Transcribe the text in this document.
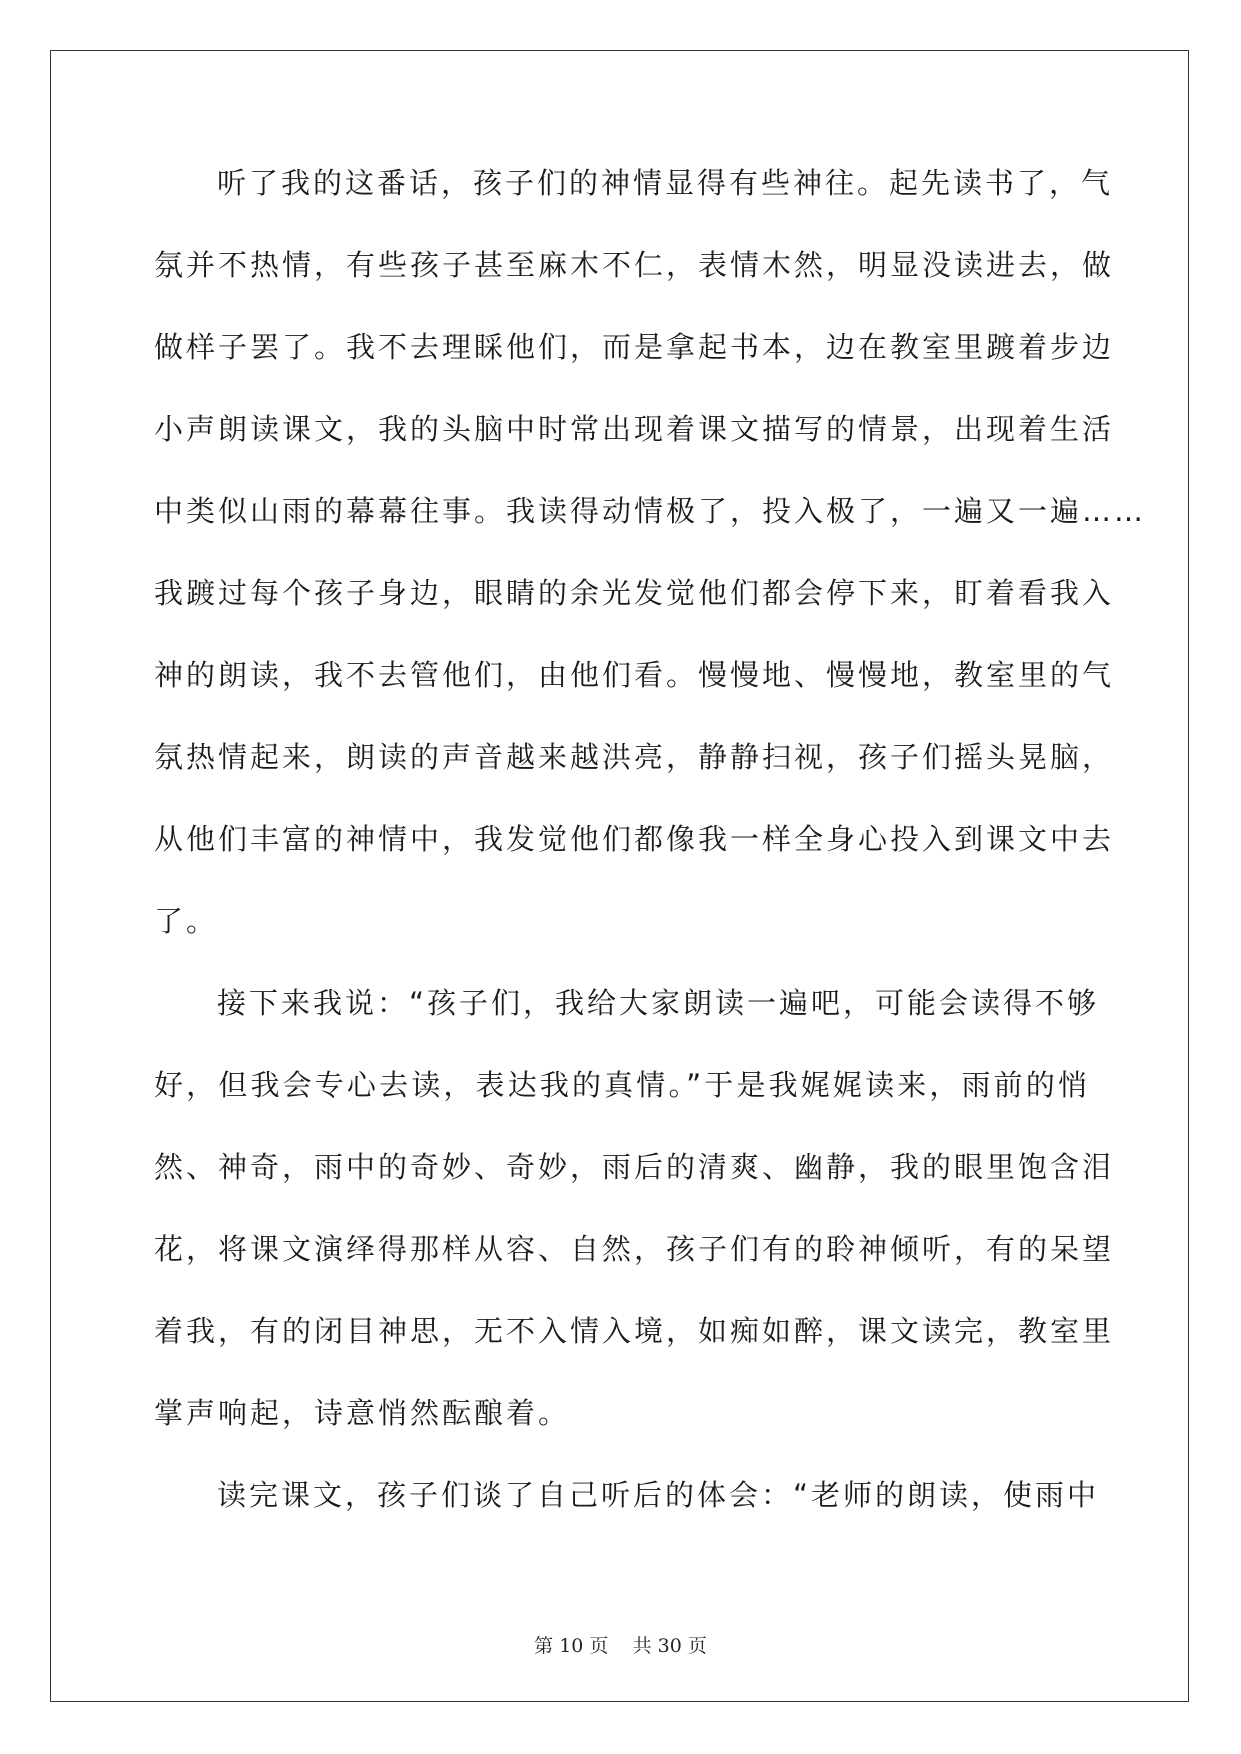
听了我的这番话，孩子们的神情显得有些神往。起先读书了，气
氛并不热情，有些孩子甚至麻木不仁，表情木然，明显没读进去，做
做样子罢了。我不去理睬他们，而是拿起书本，边在教室里踱着步边
小声朗读课文，我的头脑中时常出现着课文描写的情景，出现着生活
中类似山雨的幕幕往事。我读得动情极了，投入极了，一遍又一遍……
我踱过每个孩子身边，眼睛的余光发觉他们都会停下来，盯着看我入
神的朗读，我不去管他们，由他们看。慢慢地、慢慢地，教室里的气
氛热情起来，朗读的声音越来越洪亮，静静扫视，孩子们摇头晃脑，
从他们丰富的神情中，我发觉他们都像我一样全身心投入到课文中去
了。
接下来我说：“孩子们，我给大家朗读一遍吧，可能会读得不够
好，但我会专心去读，表达我的真情。”于是我娓娓读来，雨前的悄
然、神奇，雨中的奇妙、奇妙，雨后的清爽、幽静，我的眼里饱含泪
花，将课文演绎得那样从容、自然，孩子们有的聆神倾听，有的呆望
着我，有的闭目神思，无不入情入境，如痴如醉，课文读完，教室里
掌声响起，诗意悄然酝酿着。
读完课文，孩子们谈了自己听后的体会：“老师的朗读，使雨中
第 10 页    共 30 页
